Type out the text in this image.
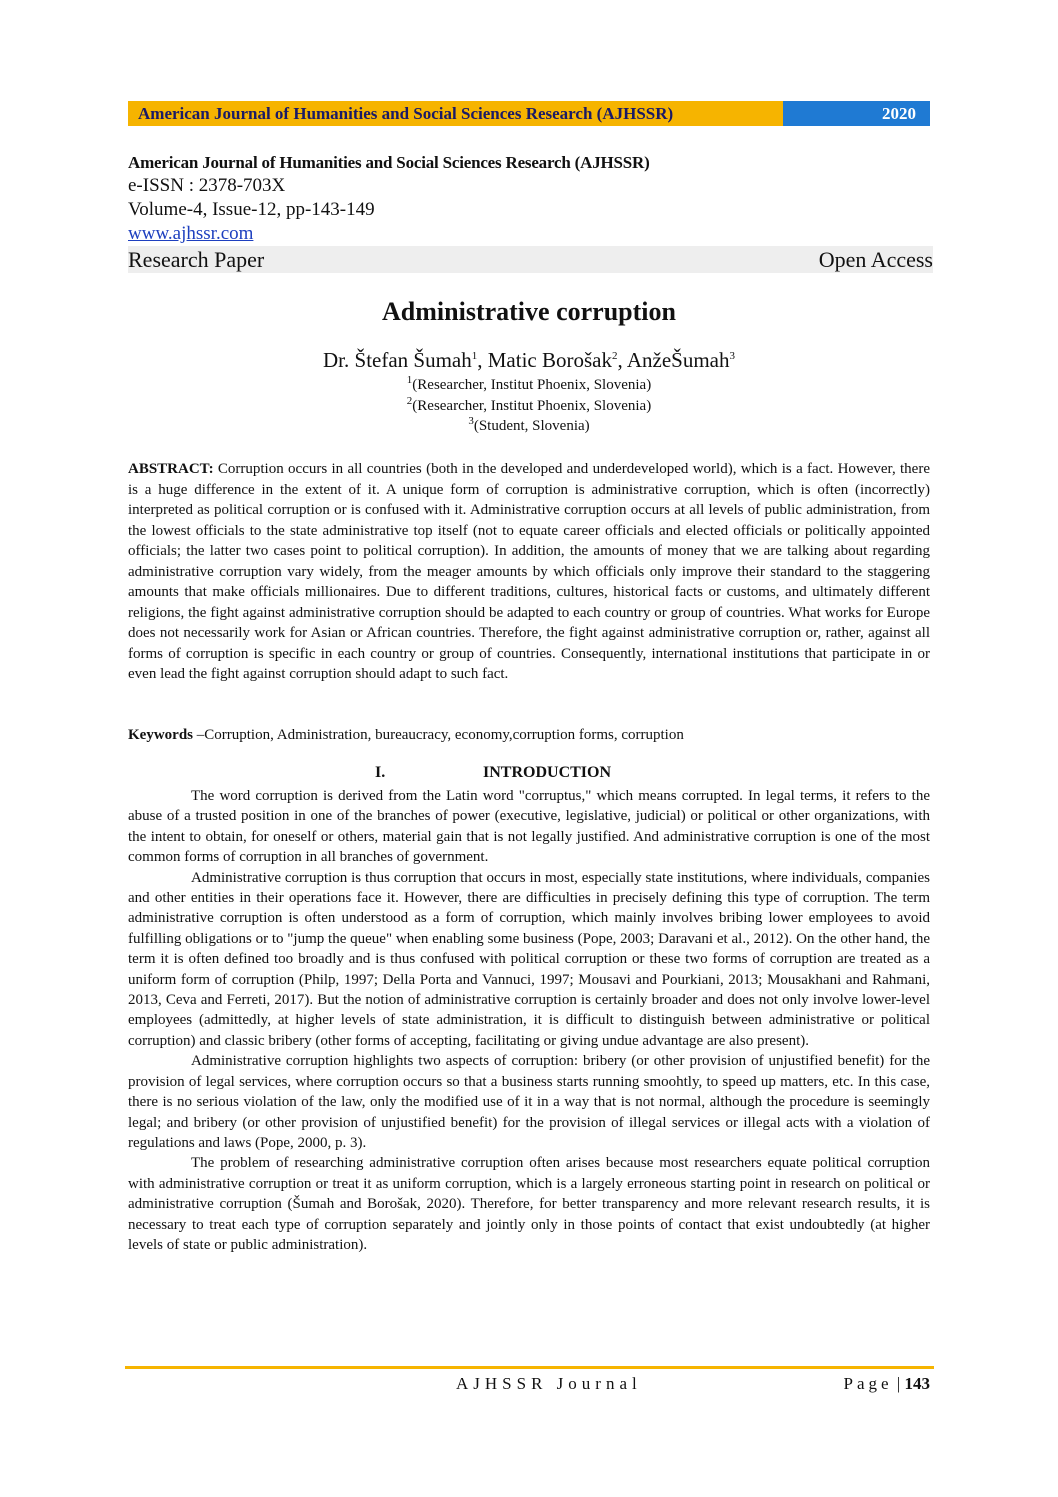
American Journal of Humanities and Social Sciences Research (AJHSSR)	2020
American Journal of Humanities and Social Sciences Research (AJHSSR)
e-ISSN : 2378-703X
Volume-4, Issue-12, pp-143-149
www.ajhssr.com
Research Paper	Open Access
Administrative corruption
Dr. Štefan Šumah$^1$, Matic Borošak$^2$, AnžeŠumah$^3$
$^1$(Researcher, Institut Phoenix, Slovenia)
$^2$(Researcher, Institut Phoenix, Slovenia)
$^3$(Student, Slovenia)
ABSTRACT: Corruption occurs in all countries (both in the developed and underdeveloped world), which is a fact. However, there is a huge difference in the extent of it. A unique form of corruption is administrative corruption, which is often (incorrectly) interpreted as political corruption or is confused with it. Administrative corruption occurs at all levels of public administration, from the lowest officials to the state administrative top itself (not to equate career officials and elected officials or politically appointed officials; the latter two cases point to political corruption). In addition, the amounts of money that we are talking about regarding administrative corruption vary widely, from the meager amounts by which officials only improve their standard to the staggering amounts that make officials millionaires. Due to different traditions, cultures, historical facts or customs, and ultimately different religions, the fight against administrative corruption should be adapted to each country or group of countries. What works for Europe does not necessarily work for Asian or African countries. Therefore, the fight against administrative corruption or, rather, against all forms of corruption is specific in each country or group of countries. Consequently, international institutions that participate in or even lead the fight against corruption should adapt to such fact.
Keywords –Corruption, Administration, bureaucracy, economy,corruption forms, corruption
I.	INTRODUCTION

The word corruption is derived from the Latin word "corruptus," which means corrupted. In legal terms, it refers to the abuse of a trusted position in one of the branches of power (executive, legislative, judicial) or political or other organizations, with the intent to obtain, for oneself or others, material gain that is not legally justified. And administrative corruption is one of the most common forms of corruption in all branches of government.

Administrative corruption is thus corruption that occurs in most, especially state institutions, where individuals, companies and other entities in their operations face it. However, there are difficulties in precisely defining this type of corruption. The term administrative corruption is often understood as a form of corruption, which mainly involves bribing lower employees to avoid fulfilling obligations or to "jump the queue" when enabling some business (Pope, 2003; Daravani et al., 2012). On the other hand, the term it is often defined too broadly and is thus confused with political corruption or these two forms of corruption are treated as a uniform form of corruption (Philp, 1997; Della Porta and Vannuci, 1997; Mousavi and Pourkiani, 2013; Mousakhani and Rahmani, 2013, Ceva and Ferreti, 2017). But the notion of administrative corruption is certainly broader and does not only involve lower-level employees (admittedly, at higher levels of state administration, it is difficult to distinguish between administrative or political corruption) and classic bribery (other forms of accepting, facilitating or giving undue advantage are also present).

Administrative corruption highlights two aspects of corruption: bribery (or other provision of unjustified benefit) for the provision of legal services, where corruption occurs so that a business starts running smoohtly, to speed up matters, etc. In this case, there is no serious violation of the law, only the modified use of it in a way that is not normal, although the procedure is seemingly legal; and bribery (or other provision of unjustified benefit) for the provision of illegal services or illegal acts with a violation of regulations and laws (Pope, 2000, p. 3).

The problem of researching administrative corruption often arises because most researchers equate political corruption with administrative corruption or treat it as uniform corruption, which is a largely erroneous starting point in research on political or administrative corruption (Šumah and Borošak, 2020). Therefore, for better transparency and more relevant research results, it is necessary to treat each type of corruption separately and jointly only in those points of contact that exist undoubtedly (at higher levels of state or public administration).

AJHSSR Journal	Page | 143
